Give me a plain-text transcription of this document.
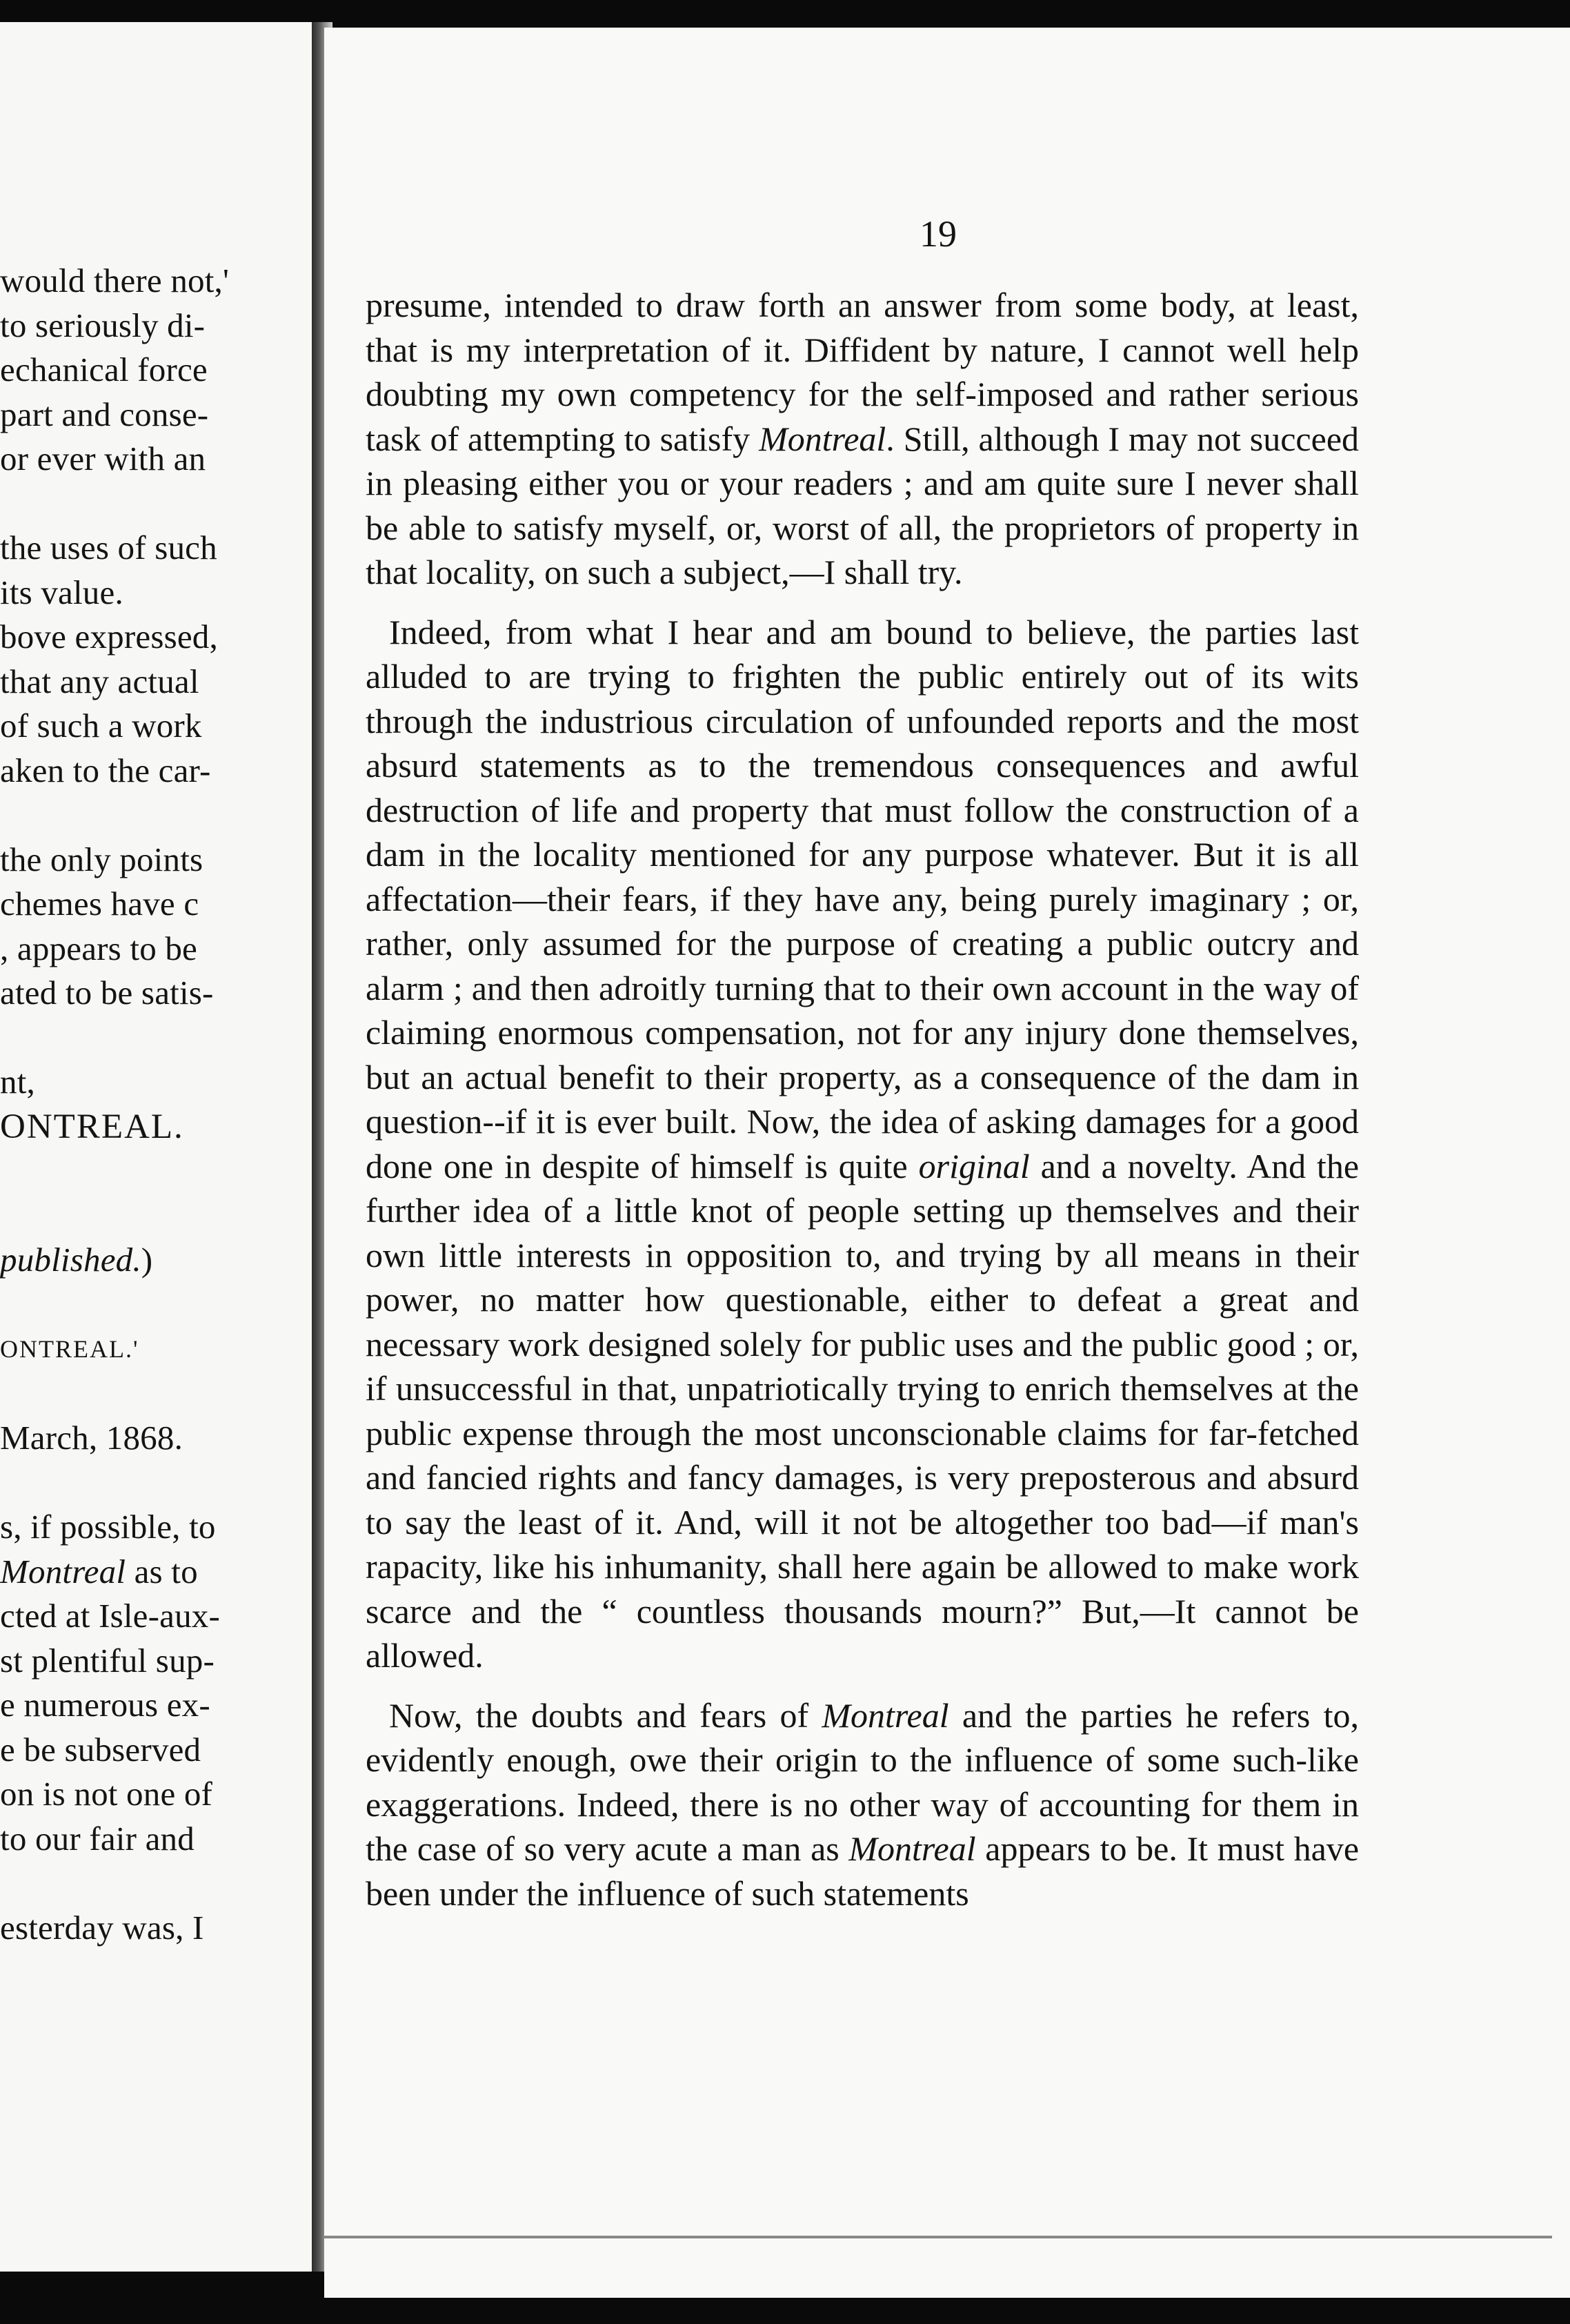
would there not,'
to seriously di-
echanical force
part and conse-
or ever with an
the uses of such
its value.
bove expressed,
that any actual
of such a work
aken to the car-
the only points
chemes have c
, appears to be
ated to be satis-
nt,
ONTREAL.
published.)
ONTREAL.'
March, 1868.
s, if possible, to
Montreal as to
cted at Isle-aux-
st plentiful sup-
e numerous ex-
e be subserved
on is not one of
to our fair and
esterday was, I
19

presume, intended to draw forth an answer from some body, at least, that is my interpretation of it. Diffident by nature, I cannot well help doubting my own competency for the self-imposed and rather serious task of attempting to satisfy Montreal. Still, although I may not succeed in pleasing either you or your readers ; and am quite sure I never shall be able to satisfy myself, or, worst of all, the proprietors of property in that locality, on such a subject,—I shall try.

Indeed, from what I hear and am bound to believe, the parties last alluded to are trying to frighten the public entirely out of its wits through the industrious circulation of unfounded reports and the most absurd statements as to the tremendous consequences and awful destruction of life and property that must follow the construction of a dam in the locality mentioned for any purpose whatever. But it is all affectation—their fears, if they have any, being purely imaginary ; or, rather, only assumed for the purpose of creating a public outcry and alarm ; and then adroitly turning that to their own account in the way of claiming enormous compensation, not for any injury done themselves, but an actual benefit to their property, as a consequence of the dam in question--if it is ever built. Now, the idea of asking damages for a good done one in despite of himself is quite original and a novelty. And the further idea of a little knot of people setting up themselves and their own little interests in opposition to, and trying by all means in their power, no matter how questionable, either to defeat a great and necessary work designed solely for public uses and the public good ; or, if unsuccessful in that, unpatriotically trying to enrich themselves at the public expense through the most unconscionable claims for far-fetched and fancied rights and fancy damages, is very preposterous and absurd to say the least of it. And, will it not be altogether too bad—if man's rapacity, like his inhumanity, shall here again be allowed to make work scarce and the “ countless thousands mourn?” But,—It cannot be allowed.

Now, the doubts and fears of Montreal and the parties he refers to, evidently enough, owe their origin to the influence of some such-like exaggerations. Indeed, there is no other way of accounting for them in the case of so very acute a man as Montreal appears to be. It must have been under the influence of such statements
